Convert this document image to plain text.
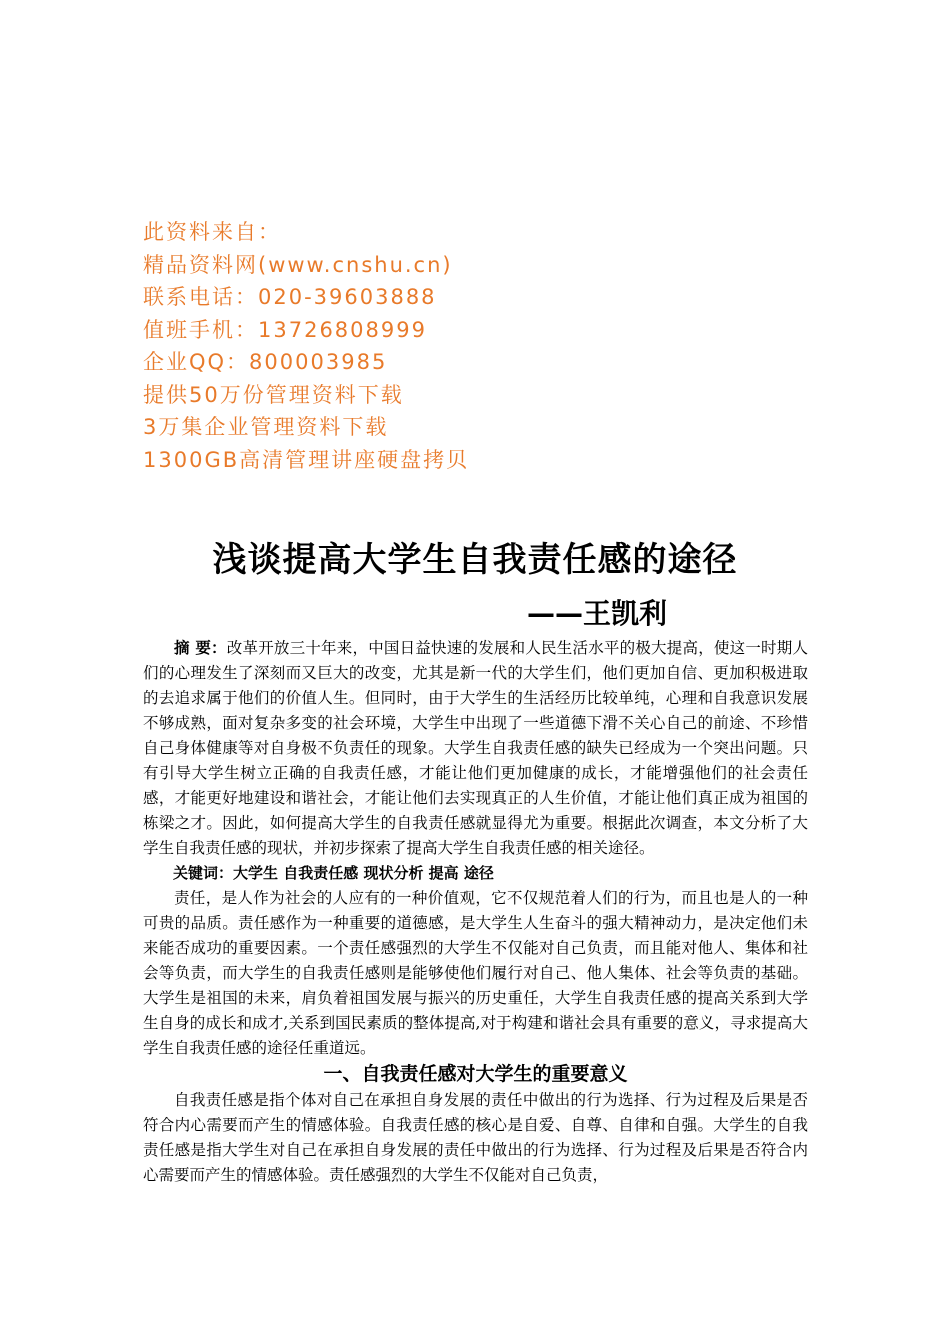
此资料来自：
精品资料网(www.cnshu.cn)
联系电话：020-39603888
值班手机：13726808999
企业QQ：800003985
提供50万份管理资料下载
3万集企业管理资料下载
1300GB高清管理讲座硬盘拷贝
浅谈提高大学生自我责任感的途径
——王凯利

摘 要：改革开放三十年来，中国日益快速的发展和人民生活水平的极大提高，使这一时期人们的心理发生了深刻而又巨大的改变，尤其是新一代的大学生们，他们更加自信、更加积极进取的去追求属于他们的价值人生。但同时，由于大学生的生活经历比较单纯，心理和自我意识发展不够成熟，面对复杂多变的社会环境，大学生中出现了一些道德下滑不关心自己的前途、不珍惜自己身体健康等对自身极不负责任的现象。大学生自我责任感的缺失已经成为一个突出问题。只有引导大学生树立正确的自我责任感，才能让他们更加健康的成长，才能增强他们的社会责任感，才能更好地建设和谐社会，才能让他们去实现真正的人生价值，才能让他们真正成为祖国的栋梁之才。因此，如何提高大学生的自我责任感就显得尤为重要。根据此次调查，本文分析了大学生自我责任感的现状，并初步探索了提高大学生自我责任感的相关途径。

关键词：大学生 自我责任感 现状分析 提高 途径

责任，是人作为社会的人应有的一种价值观，它不仅规范着人们的行为，而且也是人的一种可贵的品质。责任感作为一种重要的道德感，是大学生人生奋斗的强大精神动力，是决定他们未来能否成功的重要因素。一个责任感强烈的大学生不仅能对自己负责，而且能对他人、集体和社会等负责，而大学生的自我责任感则是能够使他们履行对自己、他人集体、社会等负责的基础。大学生是祖国的未来，肩负着祖国发展与振兴的历史重任，大学生自我责任感的提高关系到大学生自身的成长和成才,关系到国民素质的整体提高,对于构建和谐社会具有重要的意义，寻求提高大学生自我责任感的途径任重道远。

一、自我责任感对大学生的重要意义

自我责任感是指个体对自己在承担自身发展的责任中做出的行为选择、行为过程及后果是否符合内心需要而产生的情感体验。自我责任感的核心是自爱、自尊、自律和自强。大学生的自我责任感是指大学生对自己在承担自身发展的责任中做出的行为选择、行为过程及后果是否符合内心需要而产生的情感体验。责任感强烈的大学生不仅能对自己负责，
